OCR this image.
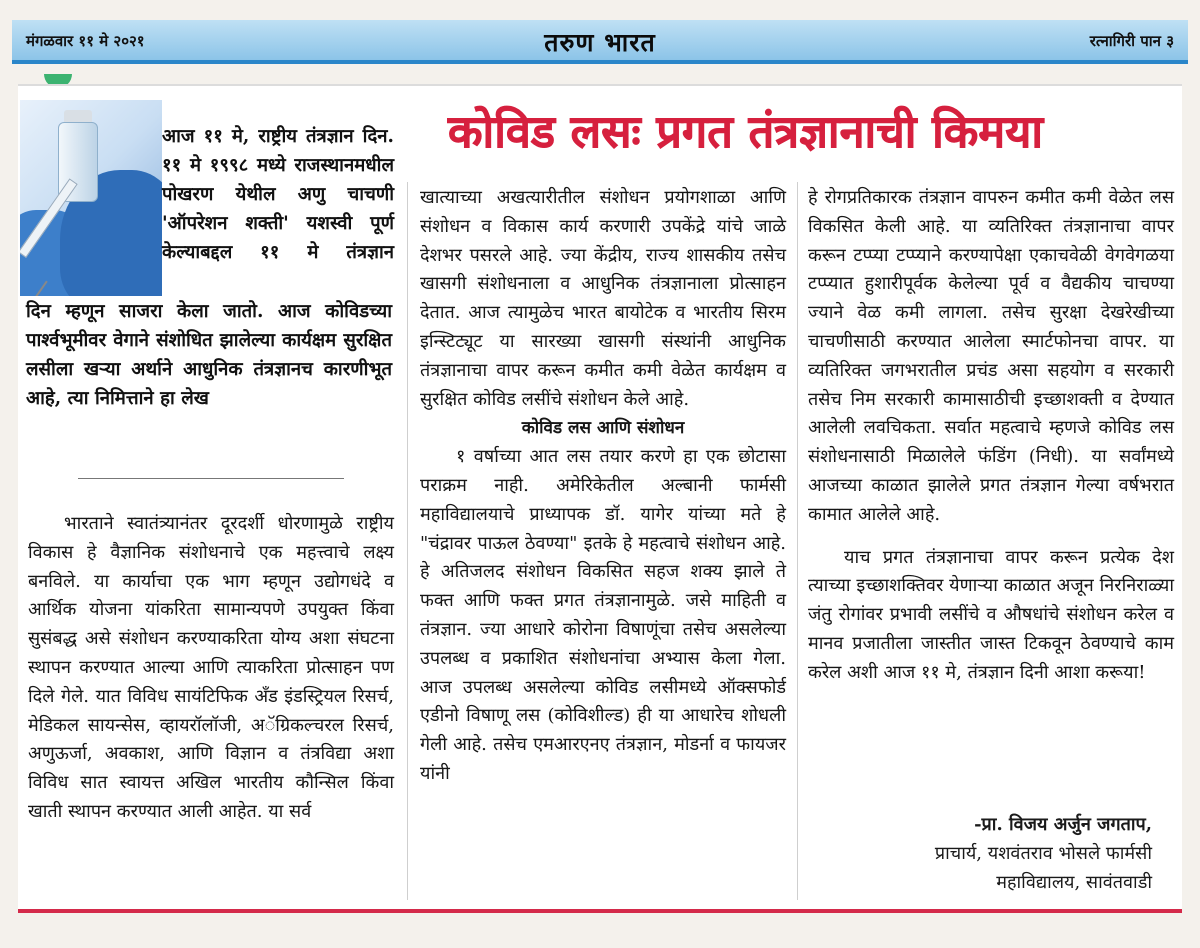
मंगळवार ११ मे २०२१	तरुण भारत	रत्नागिरी पान ३
कोविड लसः प्रगत तंत्रज्ञानाची किमया
आज ११ मे, राष्ट्रीय तंत्रज्ञान दिन. ११ मे १९९८ मध्ये राजस्थानमधील पोखरण येथील अणु चाचणी 'ऑपरेशन शक्ती' यशस्वी पूर्ण केल्याबद्दल ११ मे तंत्रज्ञान
दिन म्हणून साजरा केला जातो. आज कोविडच्या पार्श्वभूमीवर वेगाने संशोधित झालेल्या कार्यक्षम सुरक्षित लसीला खऱ्या अर्थाने आधुनिक तंत्रज्ञानच कारणीभूत आहे, त्या निमित्ताने हा लेख

भारताने स्वातंत्र्यानंतर दूरदर्शी धोरणामुळे राष्ट्रीय विकास हे वैज्ञानिक संशोधनाचे एक महत्त्वाचे लक्ष्य बनविले. या कार्याचा एक भाग म्हणून उद्योगधंदे व आर्थिक योजना यांकरिता सामान्यपणे उपयुक्त किंवा सुसंबद्ध असे संशोधन करण्याकरिता योग्य अशा संघटना स्थापन करण्यात आल्या आणि त्याकरिता प्रोत्साहन पण दिले गेले. यात विविध सायंटिफिक अँड इंडस्ट्रियल रिसर्च, मेडिकल सायन्सेस, व्हायरॉलॉजी, अॅग्रिकल्चरल रिसर्च, अणुऊर्जा, अवकाश, आणि विज्ञान व तंत्रविद्या अशा विविध सात स्वायत्त अखिल भारतीय कौन्सिल किंवा खाती स्थापन करण्यात आली आहेत. या सर्व

खात्याच्या अखत्यारीतील संशोधन प्रयोगशाळा आणि संशोधन व विकास कार्य करणारी उपकेंद्रे यांचे जाळे देशभर पसरले आहे. ज्या केंद्रीय, राज्य शासकीय तसेच खासगी संशोधनाला व आधुनिक तंत्रज्ञानाला प्रोत्साहन देतात. आज त्यामुळेच भारत बायोटेक व भारतीय सिरम इन्स्टिट्यूट या सारख्या खासगी संस्थांनी आधुनिक तंत्रज्ञानाचा वापर करून कमीत कमी वेळेत कार्यक्षम व सुरक्षित कोविड लसींचे संशोधन केले आहे.

कोविड लस आणि संशोधन

१ वर्षाच्या आत लस तयार करणे हा एक छोटासा पराक्रम नाही. अमेरिकेतील अल्बानी फार्मसी महाविद्यालयाचे प्राध्यापक डॉ. यागेर यांच्या मते हे "चंद्रावर पाऊल ठेवण्या" इतके हे महत्वाचे संशोधन आहे. हे अतिजलद संशोधन विकसित सहज शक्य झाले ते फक्त आणि फक्त प्रगत तंत्रज्ञानामुळे. जसे माहिती व तंत्रज्ञान. ज्या आधारे कोरोना विषाणूंचा तसेच असलेल्या उपलब्ध व प्रकाशित संशोधनांचा अभ्यास केला गेला. आज उपलब्ध असलेल्या कोविड लसीमध्ये ऑक्सफोर्ड एडीनो विषाणू लस (कोविशील्ड) ही या आधारेच शोधली गेली आहे. तसेच एमआरएनए तंत्रज्ञान, मोडर्ना व फायजर यांनी

हे रोगप्रतिकारक तंत्रज्ञान वापरुन कमीत कमी वेळेत लस विकसित केली आहे. या व्यतिरिक्त तंत्रज्ञानाचा वापर करून टप्प्या टप्प्याने करण्यापेक्षा एकाचवेळी वेगवेगळया टप्प्यात हुशारीपूर्वक केलेल्या पूर्व व वैद्यकीय चाचण्या ज्याने वेळ कमी लागला. तसेच सुरक्षा देखरेखीच्या चाचणीसाठी करण्यात आलेला स्मार्टफोनचा वापर. या व्यतिरिक्त जगभरातील प्रचंड असा सहयोग व सरकारी तसेच निम सरकारी कामासाठीची इच्छाशक्ती व देण्यात आलेली लवचिकता. सर्वात महत्वाचे म्हणजे कोविड लस संशोधनासाठी मिळालेले फंडिंग (निधी). या सर्वांमध्ये आजच्या काळात झालेले प्रगत तंत्रज्ञान गेल्या वर्षभरात कामात आलेले आहे.

याच प्रगत तंत्रज्ञानाचा वापर करून प्रत्येक देश त्याच्या इच्छाशक्तिवर येणाऱ्या काळात अजून निरनिराळ्या जंतु रोगांवर प्रभावी लसींचे व औषधांचे संशोधन करेल व मानव प्रजातीला जास्तीत जास्त टिकवून ठेवण्याचे काम करेल अशी आज ११ मे, तंत्रज्ञान दिनी आशा करूया!

-प्रा. विजय अर्जुन जगताप,
प्राचार्य, यशवंतराव भोसले फार्मसी
महाविद्यालय, सावंतवाडी
